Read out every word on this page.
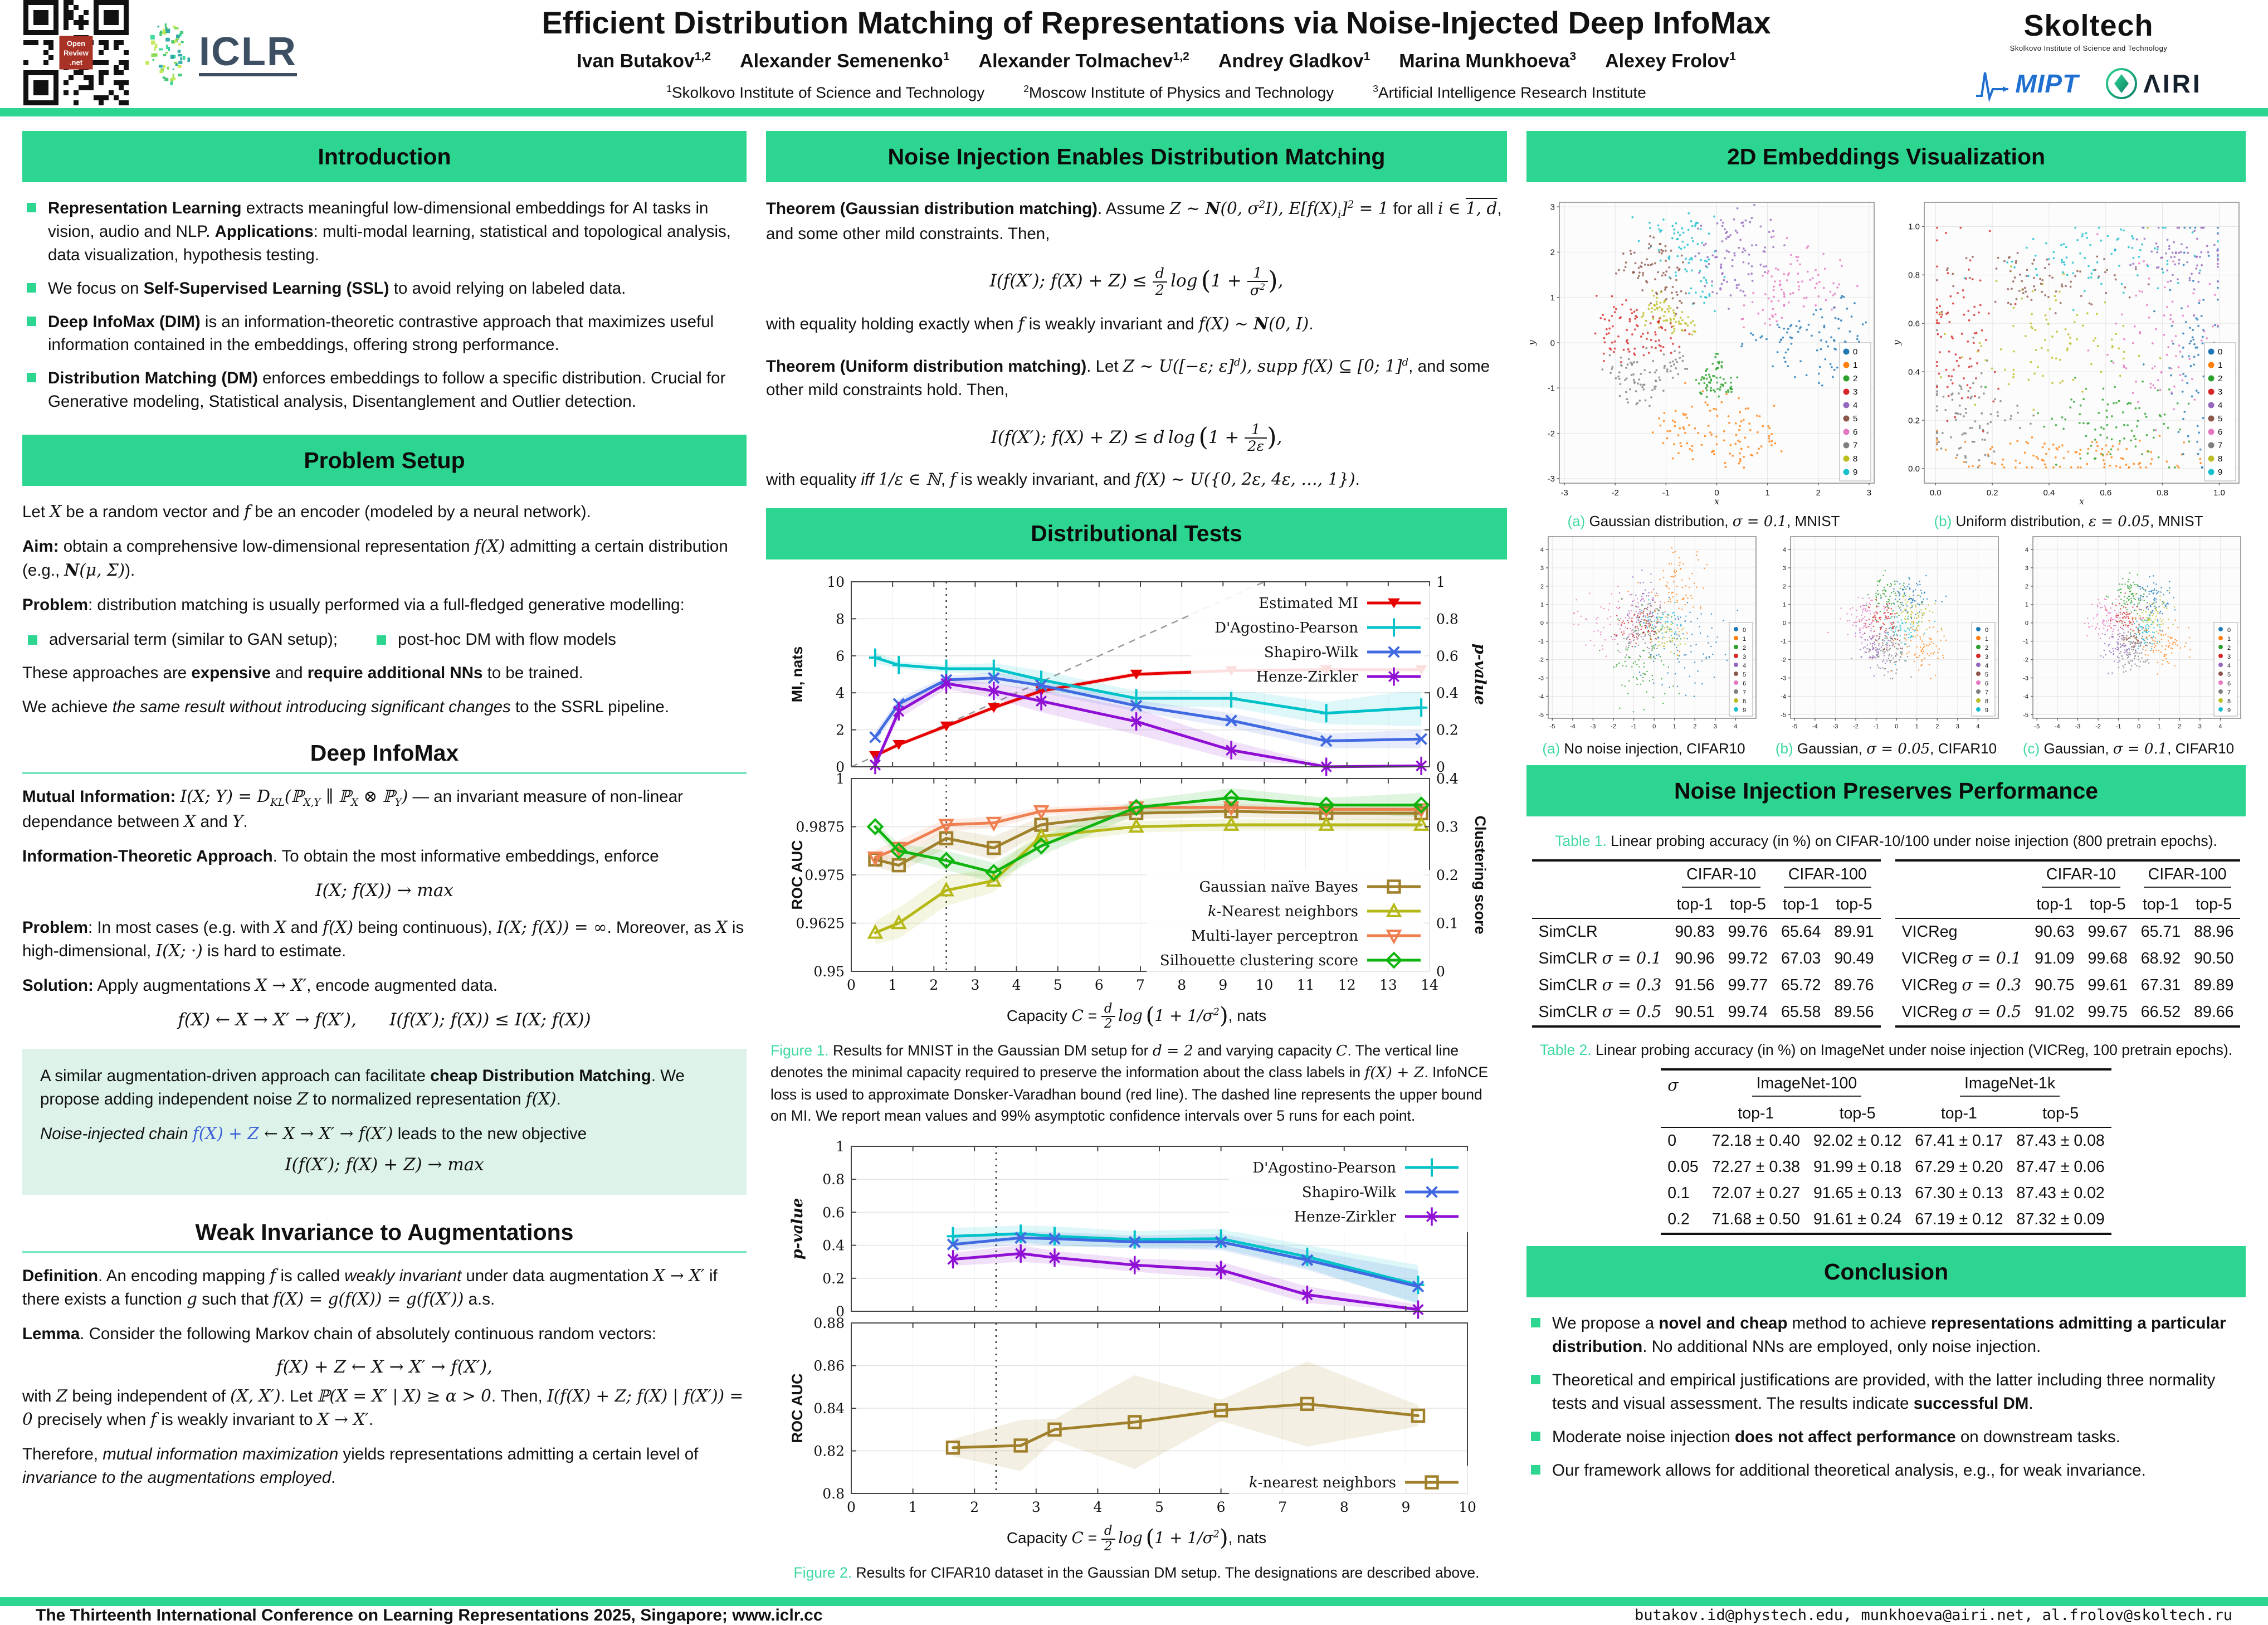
Open
Review
.net	ICLR
Efficient Distribution Matching of Representations via Noise-Injected Deep InfoMax
Ivan Butakov$^{1,2}$ Alexander Semenenko$^1$ Alexander Tolmachev$^{1,2}$ Andrey Gladkov$^1$ Marina Munkhoeva$^3$ Alexey Frolov$^1$
$^1$Skolkovo Institute of Science and Technology	$^2$Moscow Institute of Physics and Technology	$^3$Artificial Intelligence Research Institute
Skoltech
Skolkovo Institute of Science and Technology
MIPT	ΛIRI
Introduction
Representation Learning extracts meaningful low-dimensional embeddings for AI tasks in vision, audio and NLP. Applications: multi-modal learning, statistical and topological analysis, data visualization, hypothesis testing.
We focus on Self-Supervised Learning (SSL) to avoid relying on labeled data.
Deep InfoMax (DIM) is an information-theoretic contrastive approach that maximizes useful information contained in the embeddings, offering strong performance.
Distribution Matching (DM) enforces embeddings to follow a specific distribution. Crucial for Generative modeling, Statistical analysis, Disentanglement and Outlier detection.
Problem Setup

Let X be a random vector and f be an encoder (modeled by a neural network).

Aim: obtain a comprehensive low-dimensional representation f(X) admitting a certain distribution (e.g., N(μ, Σ)).

Problem: distribution matching is usually performed via a full-fledged generative modelling:

adversarial term (similar to GAN setup);	post-hoc DM with flow models

These approaches are expensive and require additional NNs to be trained.

We achieve the same result without introducing significant changes to the SSRL pipeline.

Deep InfoMax

Mutual Information: I(X; $Y) = D_{KL}(ℙ_{X,Y}$ ∥ ℙ$_X$ ⊗ ℙ$_Y$) — an invariant measure of non-linear dependance between X and Y.

Information-Theoretic Approach. To obtain the most informative embeddings, enforce

I(X; f(X)) → max

Problem: In most cases (e.g. with X and f(X) being continuous), I(X; f(X)) = ∞. Moreover, as X is high-dimensional, I(X; ·) is hard to estimate.

Solution: Apply augmentations X → X′, encode augmented data.

f(X) ← X → X′ → f(X′),      I(f(X′); f(X)) ≤ I(X; f(X))

A similar augmentation-driven approach can facilitate cheap Distribution Matching. We propose adding independent noise Z to normalized representation f(X).

Noise-injected chain f(X) + Z ← X → X′ → f(X′) leads to the new objective

I(f(X′); f(X) + Z) → max
Weak Invariance to Augmentations

Definition. An encoding mapping f is called weakly invariant under data augmentation X → X′ if there exists a function g such that f(X) = g(f(X)) = g(f(X′)) a.s.

Lemma. Consider the following Markov chain of absolutely continuous random vectors:

f(X) + Z ← X → X′ → f(X′),

with Z being independent of (X, X′). Let ℙ(X = X′ | X) ≥ α > 0. Then, I(f(X) + Z; f(X) | f(X′)) = 0 precisely when f is weakly invariant to X → X′.

Therefore, mutual information maximization yields representations admitting a certain level of invariance to the augmentations employed.

Noise Injection Enables Distribution Matching

Theorem (Gaussian distribution matching). Assume Z ∼ N(0, $\sigma^2I$), $E[f(X)_i]^2 = 1$ for all i ∈ 1, d, and some other mild constraints. Then,

I(f(X′); $f(X) + Z) \le \frac{d}{2}$  $\log (1 + \frac{1}{\sigma^2}$ ),

with equality holding exactly when f is weakly invariant and f(X) ∼ N(0, I).

Theorem (Uniform distribution matching). Let Z ∼ U([−ε; ε]$^d$), supp f(X) ⊆ [0; 1]$^d$, and some other mild constraints hold. Then,

I(f(X′); f(X) + Z) ≤ d $\log (1 + \frac{1}{2\varepsilon}$ ),

with equality iff 1/ε ∈ ℕ, f is weakly invariant, and f(X) ∼ U({0, 2ε, 4ε, …, 1}).

Distributional Tests
0
2
4
6
8
10
0
0.2
0.4
0.6
0.8
1
MI, nats	p-value
Estimated MI
D'Agostino-Pearson
Shapiro-Wilk
Henze-Zirkler
0 1 2 3 4 5 6 7 8 9 10 11 12 13 14
0.95
0.9625
0.975
0.9875
1
0
0.1
0.2
0.3
0.4
ROC AUC	Clustering score
Gaussian naïve Bayes
k-Nearest neighbors
Multi-layer perceptron
Silhouette clustering score
Capacity $C = \frac{d}{2}$  $\log (1 + 1/\sigma^2)$, nats
Figure 1. Results for MNIST in the Gaussian DM setup for d = 2 and varying capacity C. The vertical line denotes the minimal capacity required to preserve the information about the class labels in f(X) + Z. InfoNCE loss is used to approximate Donsker-Varadhan bound (red line). The dashed line represents the upper bound on MI. We report mean values and 99% asymptotic confidence intervals over 5 runs for each point.
0
0.2
0.4
0.6
0.8
1
p-value
D'Agostino-Pearson
Shapiro-Wilk
Henze-Zirkler
0	1	2	3	4	5	6	7	8	9	10
0.8
0.82
0.84
0.86
0.88
ROC AUC
k-nearest neighbors
Capacity $C = \frac{d}{2}$  $\log (1 + 1/\sigma^2)$, nats
Figure 2. Results for CIFAR10 dataset in the Gaussian DM setup. The designations are described above.
2D Embeddings Visualization
-3	-2	-1	0	1	2	3
-3
-2
-1
0
1
2
3
x
y
0
1
2
3
4
5
6
7
8
9
(a) Gaussian distribution, σ = 0.1, MNIST
0.0	0.2	0.4	0.6	0.8	1.0
0.0
0.2
0.4
0.6
0.8
1.0
x
y
0
1
2
3
4
5
6
7
8
9
(b) Uniform distribution, ε = 0.05, MNIST
-5 -4 -3 -2 -1	0	1	2	3	4
-5
-4
-3
-2
-1
0
1
2
3
4
0
1
2
3
4
5
6
7
8
9
(a) No noise injection, CIFAR10
-5 -4 -3 -2 -1	0	1	2	3	4
-5
-4
-3
-2
-1
0
1
2
3
4
0
1
2
3
4
5
6
7
8
9
(b) Gaussian, σ = 0.05, CIFAR10
-5 -4 -3 -2 -1	0	1	2	3	4
-5
-4
-3
-2
-1
0
1
2
3
4
0
1
2
3
4
5
6
7
8
9
(c) Gaussian, σ = 0.1, CIFAR10
Noise Injection Preserves Performance
Table 1. Linear probing accuracy (in %) on CIFAR-10/100 under noise injection (800 pretrain epochs).
	CIFAR-10		CIFAR-100	
	top-1	top-5	top-1	top-5
SimCLR	90.83	99.76	65.64	89.91
SimCLR σ = 0.1	90.96	99.72	67.03	90.49
SimCLR σ = 0.3	91.56	99.77	65.72	89.76
SimCLR σ = 0.5	90.51	99.74	65.58	89.56
	CIFAR-10		CIFAR-100	
	top-1	top-5	top-1	top-5
VICReg	90.63	99.67	65.71	88.96
VICReg σ = 0.1	91.09	99.68	68.92	90.50
VICReg σ = 0.3	90.75	99.61	67.31	89.89
VICReg σ = 0.5	91.02	99.75	66.52	89.66
Table 2. Linear probing accuracy (in %) on ImageNet under noise injection (VICReg, 100 pretrain epochs).
σ	ImageNet-100		ImageNet-1k	
	top-1	top-5	top-1	top-5
0	72.18 ± 0.40	92.02 ± 0.12	67.41 ± 0.17	87.43 ± 0.08
0.05	72.27 ± 0.38	91.99 ± 0.18	67.29 ± 0.20	87.47 ± 0.06
0.1	72.07 ± 0.27	91.65 ± 0.13	67.30 ± 0.13	87.43 ± 0.02
0.2	71.68 ± 0.50	91.61 ± 0.24	67.19 ± 0.12	87.32 ± 0.09
Conclusion
We propose a novel and cheap method to achieve representations admitting a particular distribution. No additional NNs are employed, only noise injection.
Theoretical and empirical justifications are provided, with the latter including three normality tests and visual assessment. The results indicate successful DM.
Moderate noise injection does not affect performance on downstream tasks.
Our framework allows for additional theoretical analysis, e.g., for weak invariance.
The Thirteenth International Conference on Learning Representations 2025, Singapore; www.iclr.cc	butakov.id@phystech.edu, munkhoeva@airi.net, al.frolov@skoltech.ru
